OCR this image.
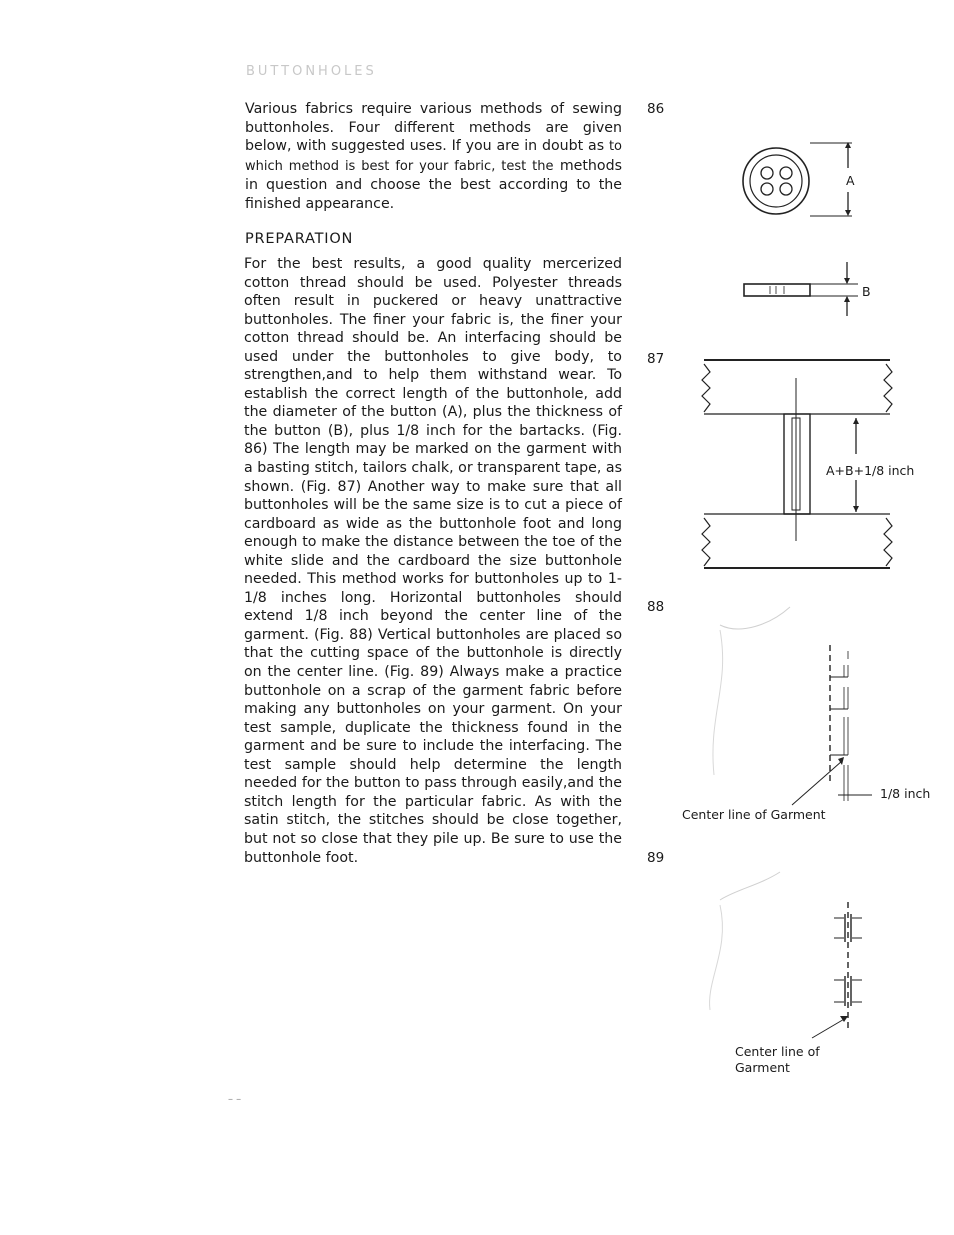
BUTTONHOLES

Various fabrics require various methods of sewing buttonholes. Four different methods are given below, with suggested uses. If you are in doubt as to which method is best for your fabric, test the methods in question and choose the best according to the finished appearance.

PREPARATION

For the best results, a good quality mercerized cotton thread should be used. Polyester threads often result in puckered or heavy unattractive buttonholes. The finer your fabric is, the finer your cotton thread should be. An interfacing should be used under the buttonholes to give body, to strengthen,and to help them withstand wear. To establish the correct length of the buttonhole, add the diameter of the button (A), plus the thickness of the button (B), plus 1/8 inch for the bartacks. (Fig. 86) The length may be marked on the garment with a basting stitch, tailors chalk, or transparent tape, as shown. (Fig. 87) Another way to make sure that all buttonholes will be the same size is to cut a piece of cardboard as wide as the buttonhole foot and long enough to make the distance between the toe of the white slide and the cardboard the size buttonhole needed. This method works for buttonholes up to 1-1/8 inches long. Horizontal buttonholes should extend 1/8 inch beyond the center line of the garment. (Fig. 88) Vertical buttonholes are placed so that the cutting space of the buttonhole is directly on the center line. (Fig. 89) Always make a practice buttonhole on a scrap of the garment fabric before making any buttonholes on your garment. On your test sample, duplicate the thickness found in the garment and be sure to include the interfacing. The test sample should help determine the length needed for the button to pass through easily,and the stitch length for the particular fabric. As with the satin stitch, the stitches should be close together, but not so close that they pile up. Be sure to use the buttonhole foot.

86
87
88
89
A
B
A+B+1/8 inch
1/8 inch
Center line of Garment
Center line of
Garment
– –
